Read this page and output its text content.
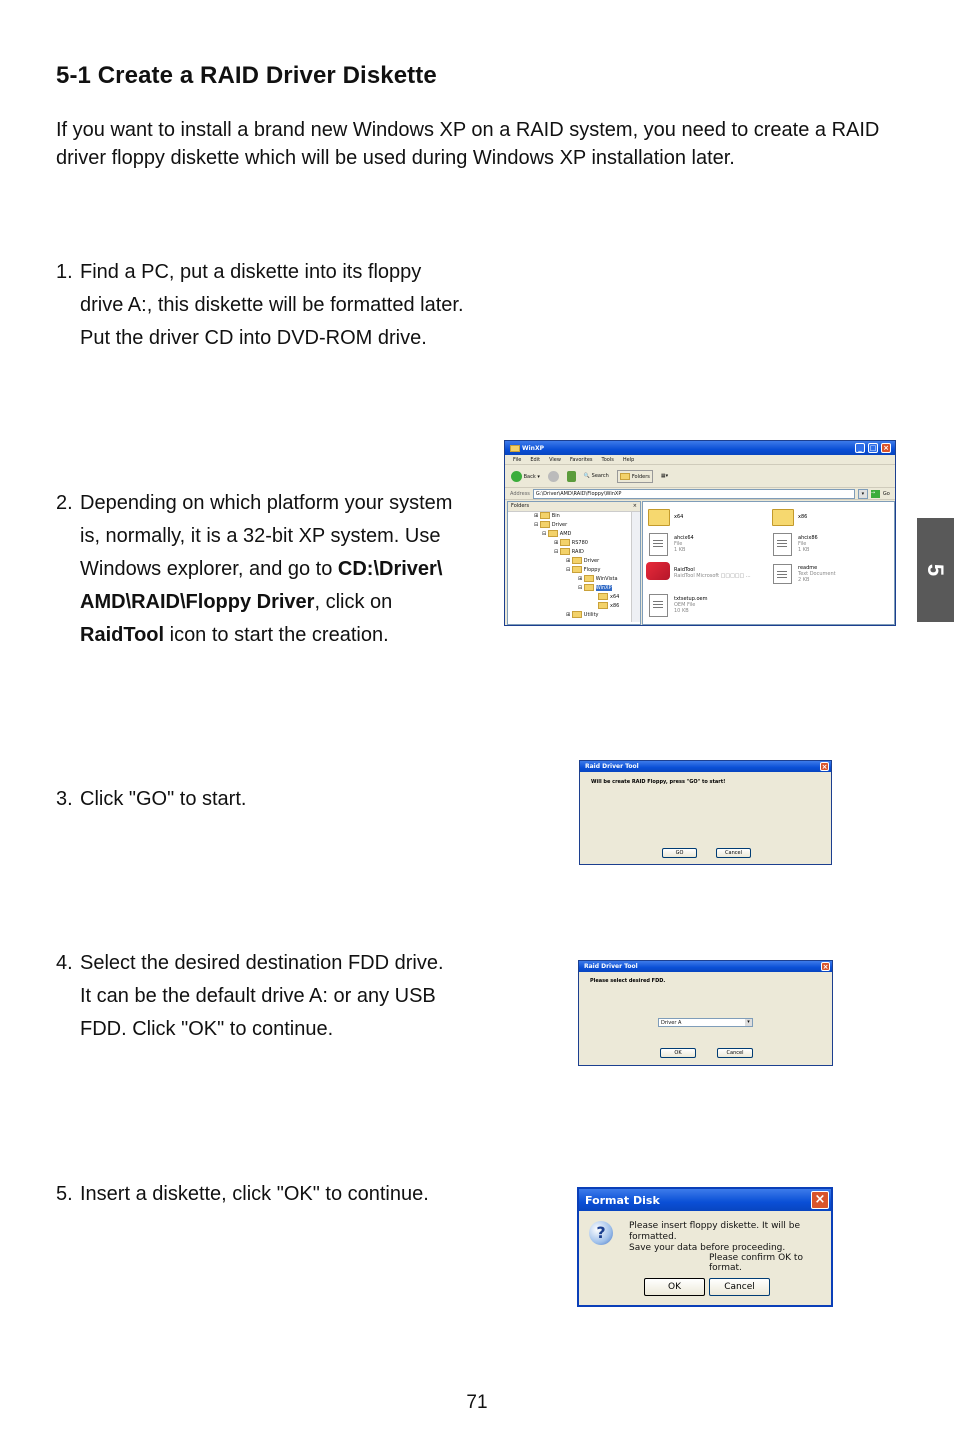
5-1 Create a RAID Driver Diskette

If you want to install a brand new Windows XP on a RAID system, you need to create a RAID driver floppy diskette which will be used during Windows XP installation later.

1. Find a PC, put a diskette into its floppy
drive A:, this diskette will be formatted later.
Put the driver CD into DVD-ROM drive.
2. Depending on which platform your system
is, normally, it is a 32-bit XP system. Use
Windows explorer, and go to CD:\Driver\
AMD\RAID\Floppy Driver, click on
RaidTool icon to start the creation.
3. Click "GO" to start.
4. Select the desired destination FDD drive.
It can be the default drive A: or any USB
FDD. Click "OK" to continue.
5. Insert a diskette, click "OK" to continue.
5
71
WinXP	_	□ ×
File Edit View Favorites Tools Help
Back ▾	🔍 Search	Folders	▦▾
Address	G:\Driver\AMD\RAID\Floppy\WinXP	▾	→	Go
Folders	×
⊞ Bin
⊟ Driver
⊟ AMD
⊞ RS780
⊟ RAID
⊞ Driver
⊟ Floppy
⊞ WinVista
⊟ WinXP
x64
x86
⊞ Utility
x64	x86
ahcix64
File
1 KB
ahcix86
File
1 KB
RaidTool
RaidTool Microsoft □□□□□ ...
readme
Text Document
2 KB
txtsetup.oem
OEM File
10 KB
Raid Driver Tool	×
Will be create RAID Floppy, press "GO" to start!
GO	Cancel
Raid Driver Tool	×
Please select desired FDD.
Driver A	▾
OK	Cancel
Format Disk	×
?	Please insert floppy diskette. It will be formatted.
Save your data before proceeding.
Please confirm OK to format.
OK	Cancel
